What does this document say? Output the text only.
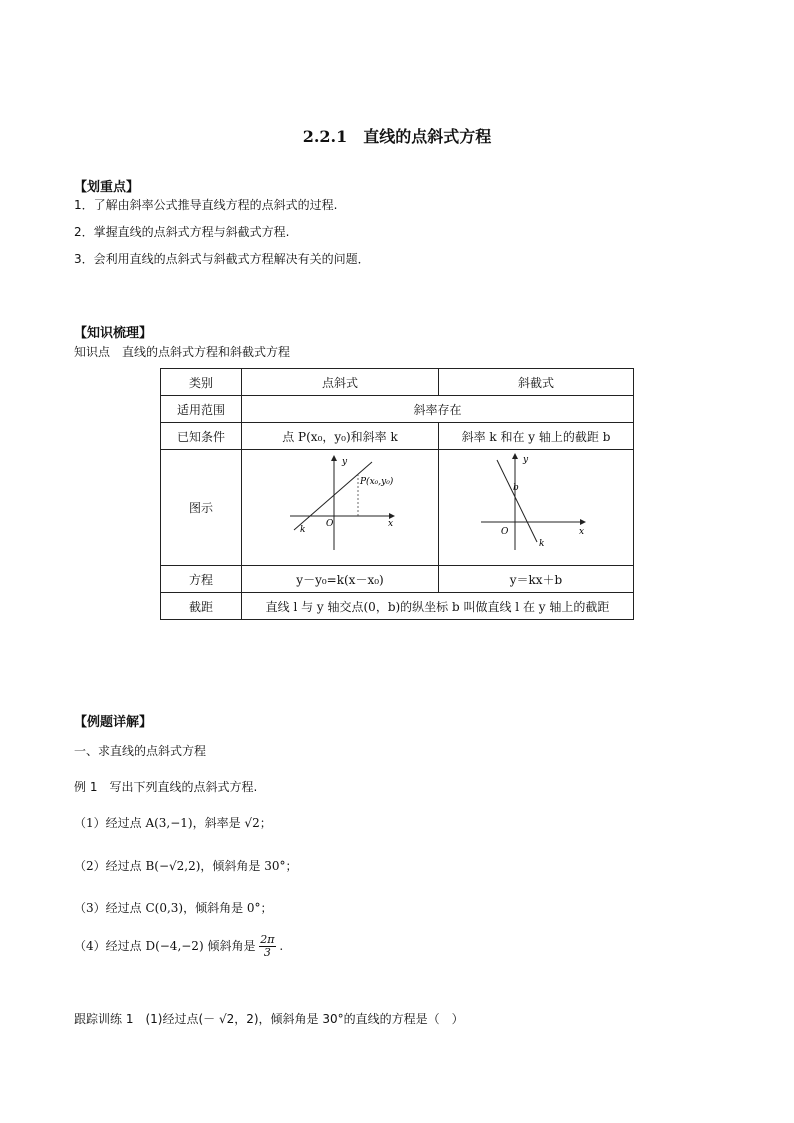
2.2.1　直线的点斜式方程
【划重点】
1．了解由斜率公式推导直线方程的点斜式的过程.
2．掌握直线的点斜式方程与斜截式方程.
3．会利用直线的点斜式与斜截式方程解决有关的问题．
【知识梳理】
知识点　直线的点斜式方程和斜截式方程
类别	点斜式	斜截式
适用范围	斜率存在	
已知条件	点 P(x₀，y₀)和斜率 k	斜率 k 和在 y 轴上的截距 b
图示	y
x
O
k
P(x₀,y₀)	y
x
O
k
b

方程	y－y₀=k(x－x₀)	y＝kx＋b
截距	直线 l 与 y 轴交点(0，b)的纵坐标 b 叫做直线 l 在 y 轴上的截距	
【例题详解】
一、求直线的点斜式方程
例 1　写出下列直线的点斜式方程.
（1）经过点 A(3,−1)，斜率是 √2；
（2）经过点 B(−√2,2)，倾斜角是 30°；
（3）经过点 C(0,3)，倾斜角是 0°；
（4）经过点 D(−4,−2) 倾斜角是 $\frac{2\pi}{3}$ .
跟踪训练 1　(1)经过点(－ √2，2)，倾斜角是 30°的直线的方程是（　）
